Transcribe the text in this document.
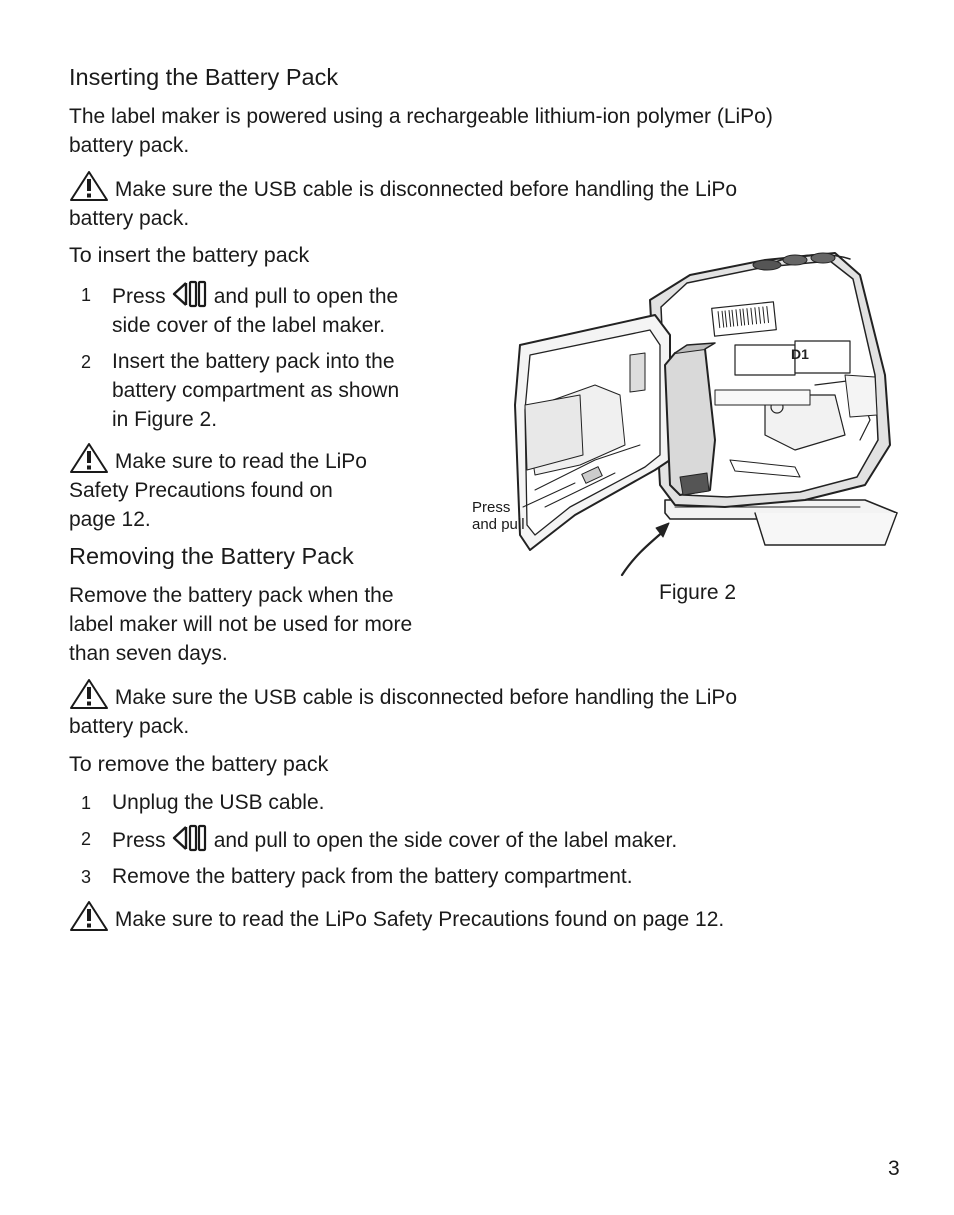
Inserting the Battery Pack
The label maker is powered using a rechargeable lithium-ion polymer (LiPo)
battery pack.
Make sure the USB cable is disconnected before handling the LiPo
battery pack.
To insert the battery pack
1 Press and pull to open the
side cover of the label maker.
2 Insert the battery pack into the
battery compartment as shown
in Figure 2.
Make sure to read the LiPo
Safety Precautions found on
page 12.
Removing the Battery Pack
Remove the battery pack when the
label maker will not be used for more
than seven days.
Make sure the USB cable is disconnected before handling the LiPo
battery pack.
To remove the battery pack
1 Unplug the USB cable.
2 Press and pull to open the side cover of the label maker.
3 Remove the battery pack from the battery compartment.
Make sure to read the LiPo Safety Precautions found on page 12.
DYMO
D1
Press
and pull
Figure 2
3
